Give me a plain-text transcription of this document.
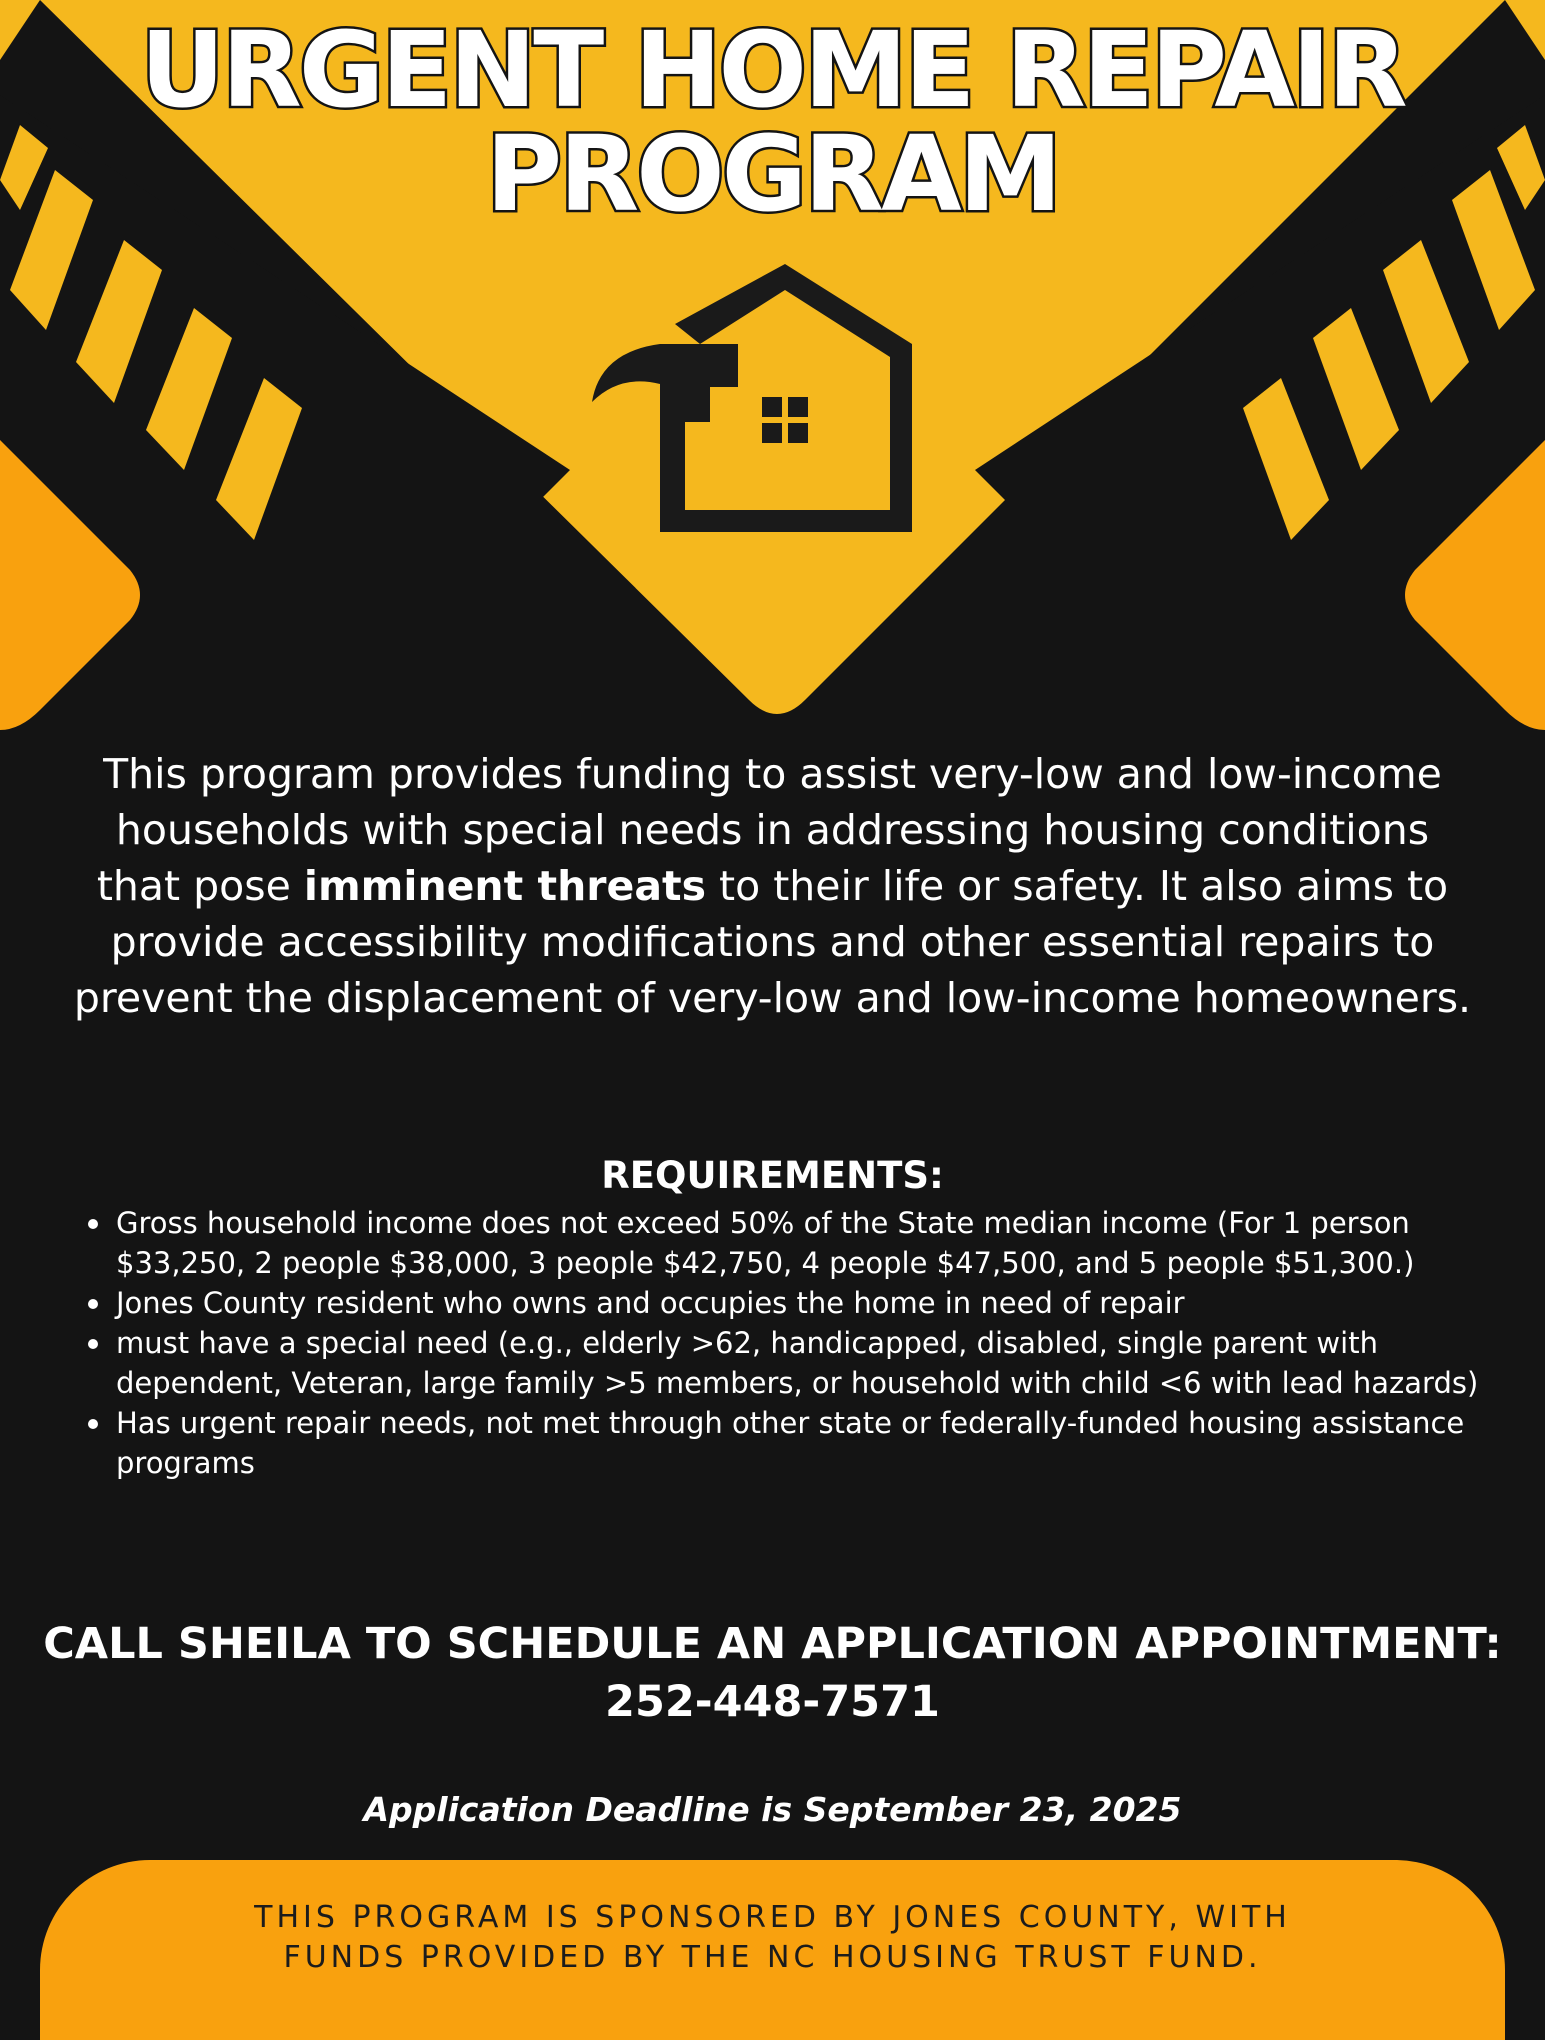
URGENT HOME REPAIR
PROGRAM

This program provides funding to assist very-low and low-income households with special needs in addressing housing conditions that pose imminent threats to their life or safety. It also aims to provide accessibility modifications and other essential repairs to prevent the displacement of very-low and low-income homeowners.

REQUIREMENTS:
Gross household income does not exceed 50% of the State median income (For 1 person $33,250, 2 people $38,000, 3 people $42,750, 4 people $47,500, and 5 people $51,300.)
Jones County resident who owns and occupies the home in need of repair
must have a special need (e.g., elderly >62, handicapped, disabled, single parent with dependent, Veteran, large family >5 members, or household with child <6 with lead hazards)
Has urgent repair needs, not met through other state or federally-funded housing assistance programs

CALL SHEILA TO SCHEDULE AN APPLICATION APPOINTMENT:
252-448-7571

Application Deadline is September 23, 2025

THIS PROGRAM IS SPONSORED BY JONES COUNTY, WITH
FUNDS PROVIDED BY THE NC HOUSING TRUST FUND.
